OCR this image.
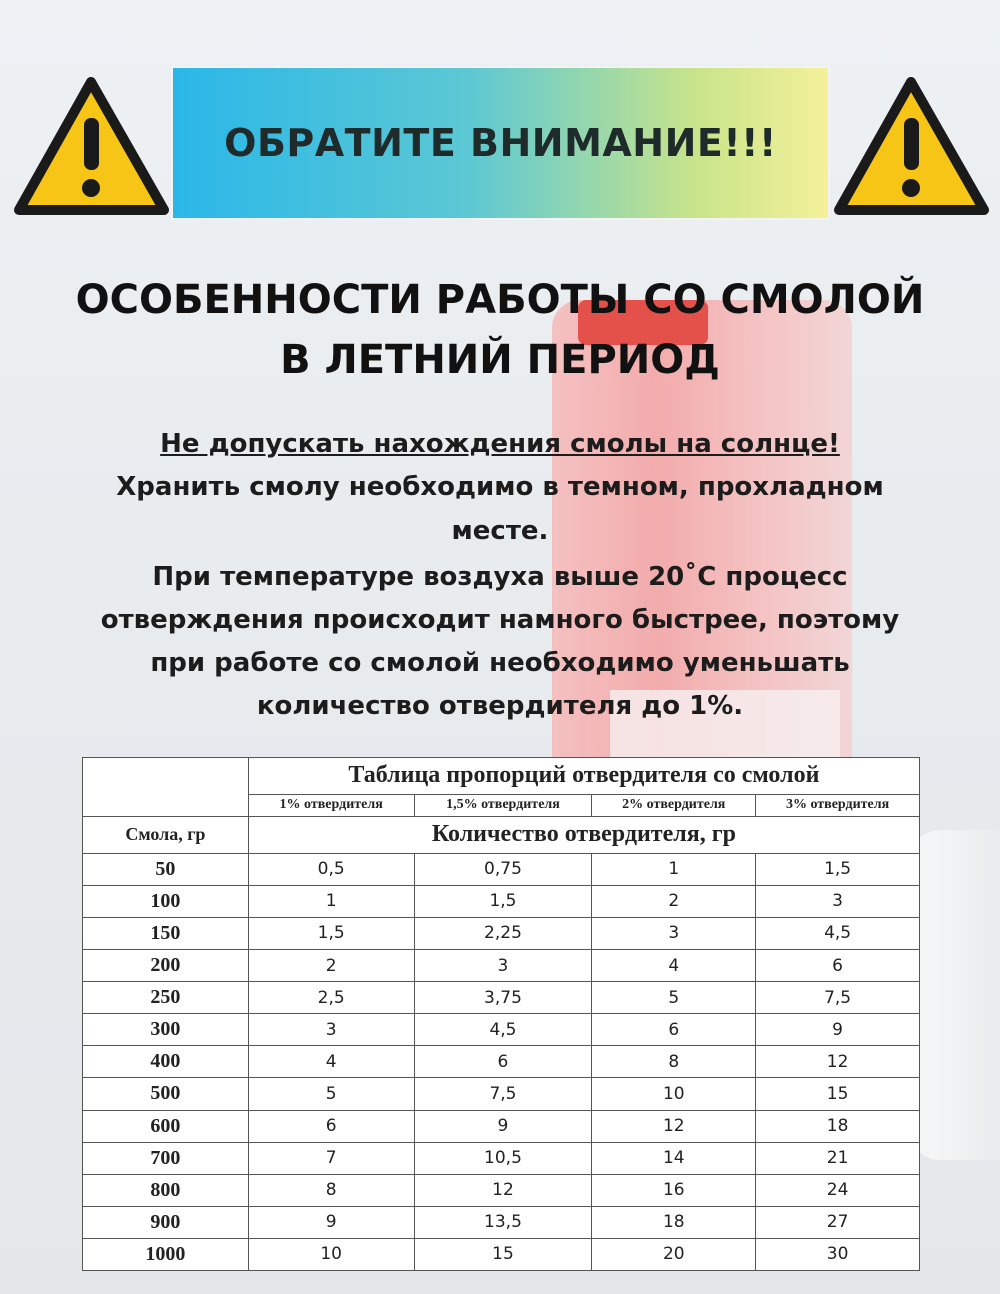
ОБРАТИТЕ ВНИМАНИЕ!!!
ОСОБЕННОСТИ РАБОТЫ СО СМОЛОЙ
В ЛЕТНИЙ ПЕРИОД
Не допускать нахождения смолы на солнце!
Хранить смолу необходимо в темном, прохладном
месте.
При температуре воздуха выше 20˚С процесс
отверждения происходит намного быстрее, поэтому
при работе со смолой необходимо уменьшать
количество отвердителя до 1%.
	Таблица пропорций отвердителя со смолой			
	1% отвердителя	1,5% отвердителя	2% отвердителя	3% отвердителя
Смола, гр	Количество отвердителя, гр			
50	0,5	0,75	1	1,5
100	1	1,5	2	3
150	1,5	2,25	3	4,5
200	2	3	4	6
250	2,5	3,75	5	7,5
300	3	4,5	6	9
400	4	6	8	12
500	5	7,5	10	15
600	6	9	12	18
700	7	10,5	14	21
800	8	12	16	24
900	9	13,5	18	27
1000	10	15	20	30
